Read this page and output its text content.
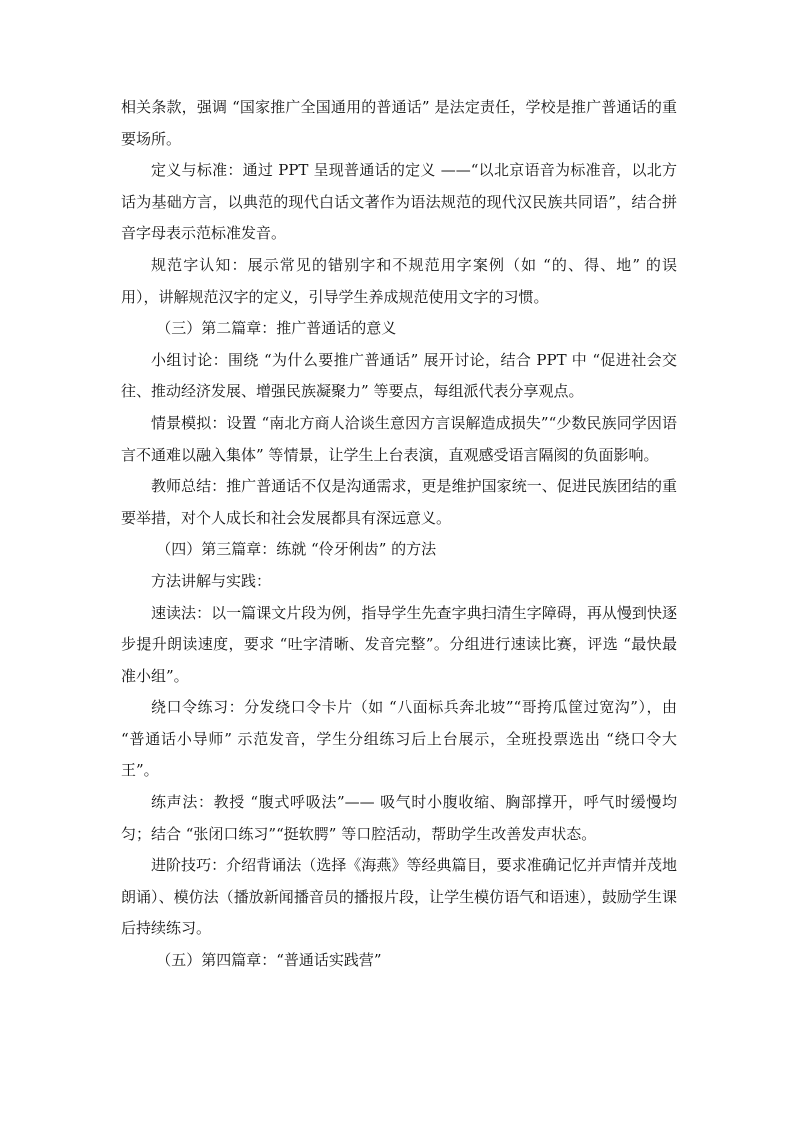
相关条款，强调 “国家推广全国通用的普通话” 是法定责任，学校是推广普通话的重要场所。

定义与标准：通过 PPT 呈现普通话的定义 ——“以北京语音为标准音，以北方话为基础方言，以典范的现代白话文著作为语法规范的现代汉民族共同语”，结合拼音字母表示范标准发音。

规范字认知：展示常见的错别字和不规范用字案例（如 “的、得、地” 的误用），讲解规范汉字的定义，引导学生养成规范使用文字的习惯。

（三）第二篇章：推广普通话的意义

小组讨论：围绕 “为什么要推广普通话” 展开讨论，结合 PPT 中 “促进社会交往、推动经济发展、增强民族凝聚力” 等要点，每组派代表分享观点。

情景模拟：设置 “南北方商人洽谈生意因方言误解造成损失”“少数民族同学因语言不通难以融入集体” 等情景，让学生上台表演，直观感受语言隔阂的负面影响。

教师总结：推广普通话不仅是沟通需求，更是维护国家统一、促进民族团结的重要举措，对个人成长和社会发展都具有深远意义。

（四）第三篇章：练就 “伶牙俐齿” 的方法

方法讲解与实践：

速读法：以一篇课文片段为例，指导学生先查字典扫清生字障碍，再从慢到快逐步提升朗读速度，要求 “吐字清晰、发音完整”。分组进行速读比赛，评选 “最快最准小组”。

绕口令练习：分发绕口令卡片（如 “八面标兵奔北坡”“哥挎瓜筐过宽沟”），由 “普通话小导师” 示范发音，学生分组练习后上台展示，全班投票选出 “绕口令大王”。

练声法：教授 “腹式呼吸法”—— 吸气时小腹收缩、胸部撑开，呼气时缓慢均匀；结合 “张闭口练习”“挺软腭” 等口腔活动，帮助学生改善发声状态。

进阶技巧：介绍背诵法（选择《海燕》等经典篇目，要求准确记忆并声情并茂地朗诵）、模仿法（播放新闻播音员的播报片段，让学生模仿语气和语速），鼓励学生课后持续练习。

（五）第四篇章：“普通话实践营”
